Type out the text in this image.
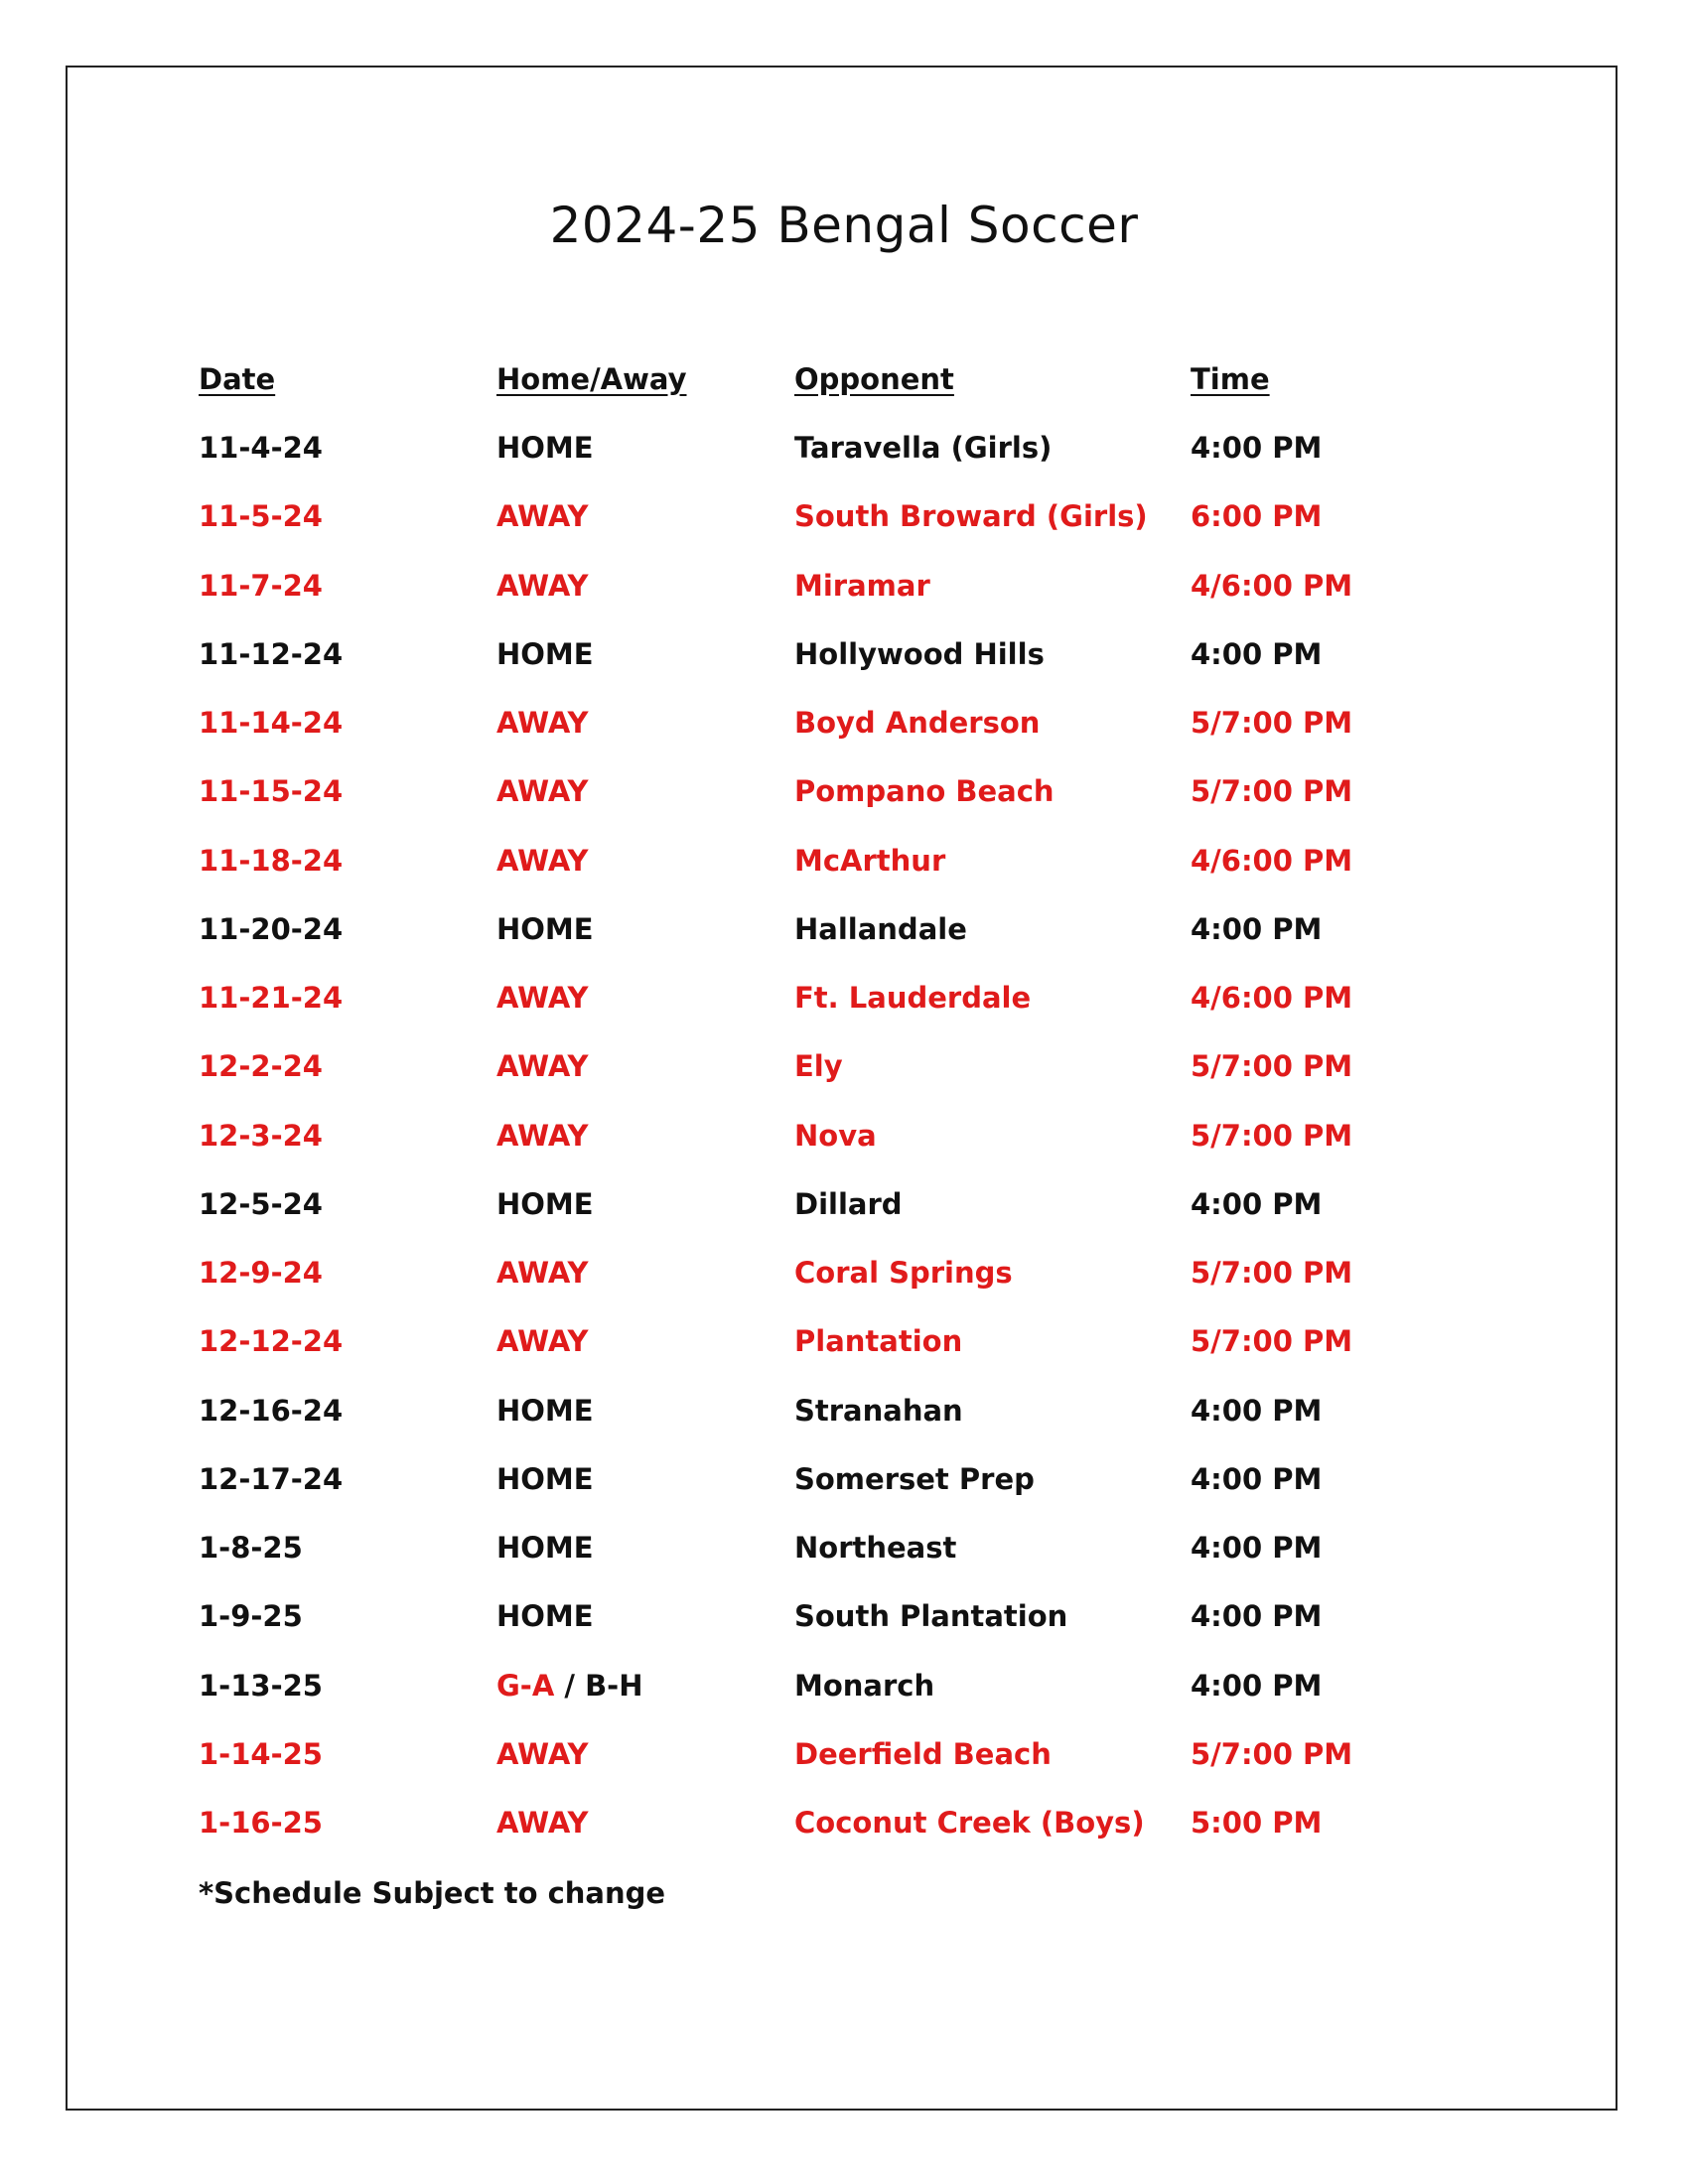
2024-25 Bengal Soccer
Date	Home/Away	Opponent	Time
11-4-24	HOME	Taravella (Girls)	4:00 PM
11-5-24	AWAY	South Broward (Girls) 6:00 PM
11-7-24	AWAY	Miramar	4/6:00 PM
11-12-24	HOME	Hollywood Hills	4:00 PM
11-14-24	AWAY	Boyd Anderson	5/7:00 PM
11-15-24	AWAY	Pompano Beach	5/7:00 PM
11-18-24	AWAY	McArthur	4/6:00 PM
11-20-24	HOME	Hallandale	4:00 PM
11-21-24	AWAY	Ft. Lauderdale	4/6:00 PM
12-2-24	AWAY	Ely	5/7:00 PM
12-3-24	AWAY	Nova	5/7:00 PM
12-5-24	HOME	Dillard	4:00 PM
12-9-24	AWAY	Coral Springs	5/7:00 PM
12-12-24	AWAY	Plantation	5/7:00 PM
12-16-24	HOME	Stranahan	4:00 PM
12-17-24	HOME	Somerset Prep	4:00 PM
1-8-25	HOME	Northeast	4:00 PM
1-9-25	HOME	South Plantation	4:00 PM
1-13-25	G-A / B-H	Monarch	4:00 PM
1-14-25	AWAY	Deerfield Beach	5/7:00 PM
1-16-25	AWAY	Coconut Creek (Boys) 5:00 PM
*Schedule Subject to change
